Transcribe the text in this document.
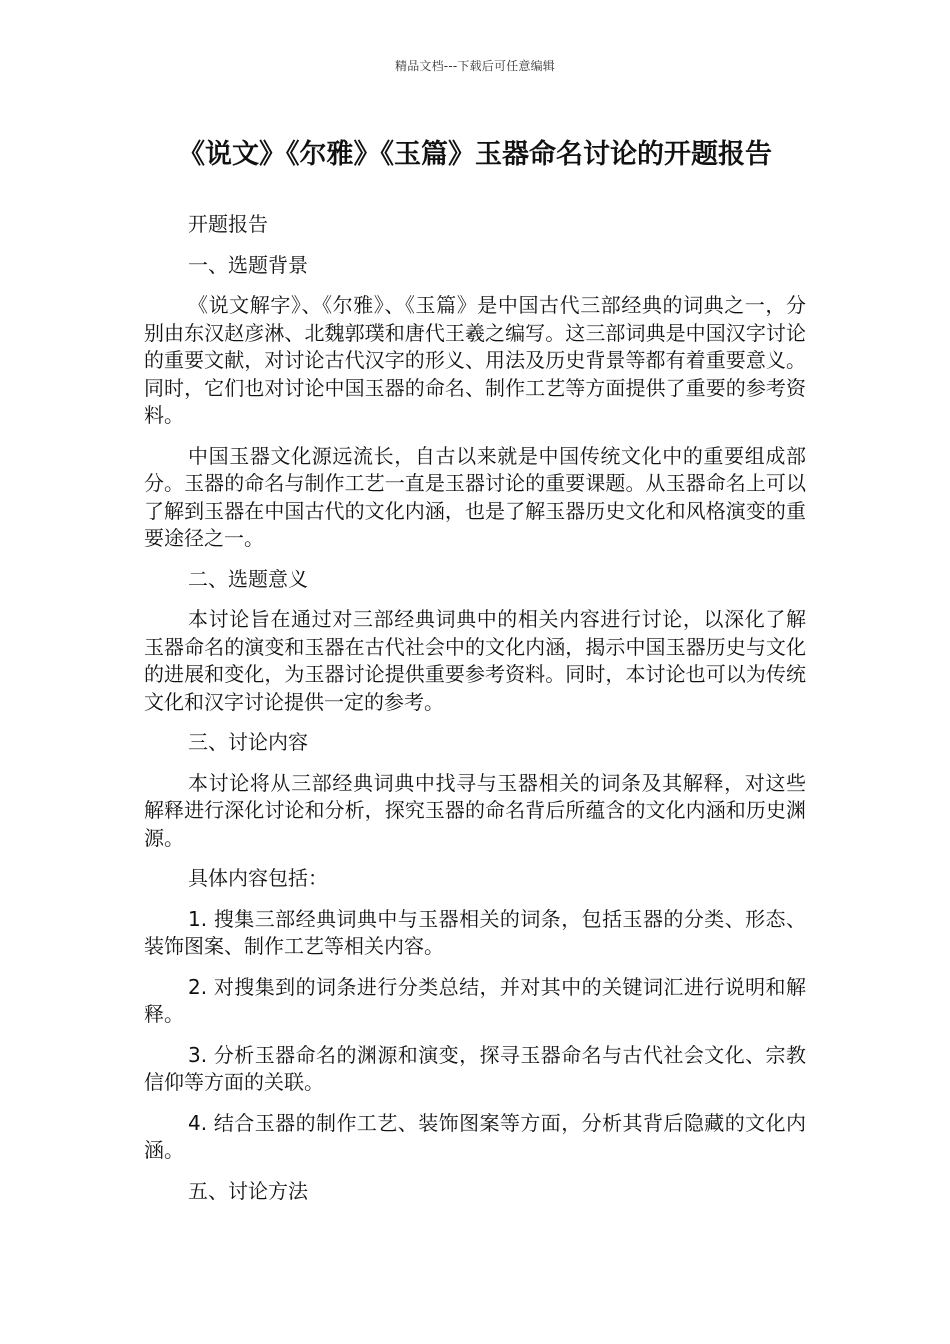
精品文档---下载后可任意编辑
《说文》《尔雅》《玉篇》玉器命名讨论的开题报告
开题报告
一、选题背景

《说文解字》、《尔雅》、《玉篇》是中国古代三部经典的词典之一，分别由东汉赵彦淋、北魏郭璞和唐代王羲之编写。这三部词典是中国汉字讨论的重要文献，对讨论古代汉字的形义、用法及历史背景等都有着重要意义。同时，它们也对讨论中国玉器的命名、制作工艺等方面提供了重要的参考资料。

中国玉器文化源远流长，自古以来就是中国传统文化中的重要组成部分。玉器的命名与制作工艺一直是玉器讨论的重要课题。从玉器命名上可以了解到玉器在中国古代的文化内涵，也是了解玉器历史文化和风格演变的重要途径之一。

二、选题意义

本讨论旨在通过对三部经典词典中的相关内容进行讨论，以深化了解玉器命名的演变和玉器在古代社会中的文化内涵，揭示中国玉器历史与文化的进展和变化，为玉器讨论提供重要参考资料。同时，本讨论也可以为传统文化和汉字讨论提供一定的参考。

三、讨论内容

本讨论将从三部经典词典中找寻与玉器相关的词条及其解释，对这些解释进行深化讨论和分析，探究玉器的命名背后所蕴含的文化内涵和历史渊源。

具体内容包括：

1. 搜集三部经典词典中与玉器相关的词条，包括玉器的分类、形态、装饰图案、制作工艺等相关内容。

2. 对搜集到的词条进行分类总结，并对其中的关键词汇进行说明和解释。

3. 分析玉器命名的渊源和演变，探寻玉器命名与古代社会文化、宗教信仰等方面的关联。

4. 结合玉器的制作工艺、装饰图案等方面，分析其背后隐藏的文化内涵。

五、讨论方法
